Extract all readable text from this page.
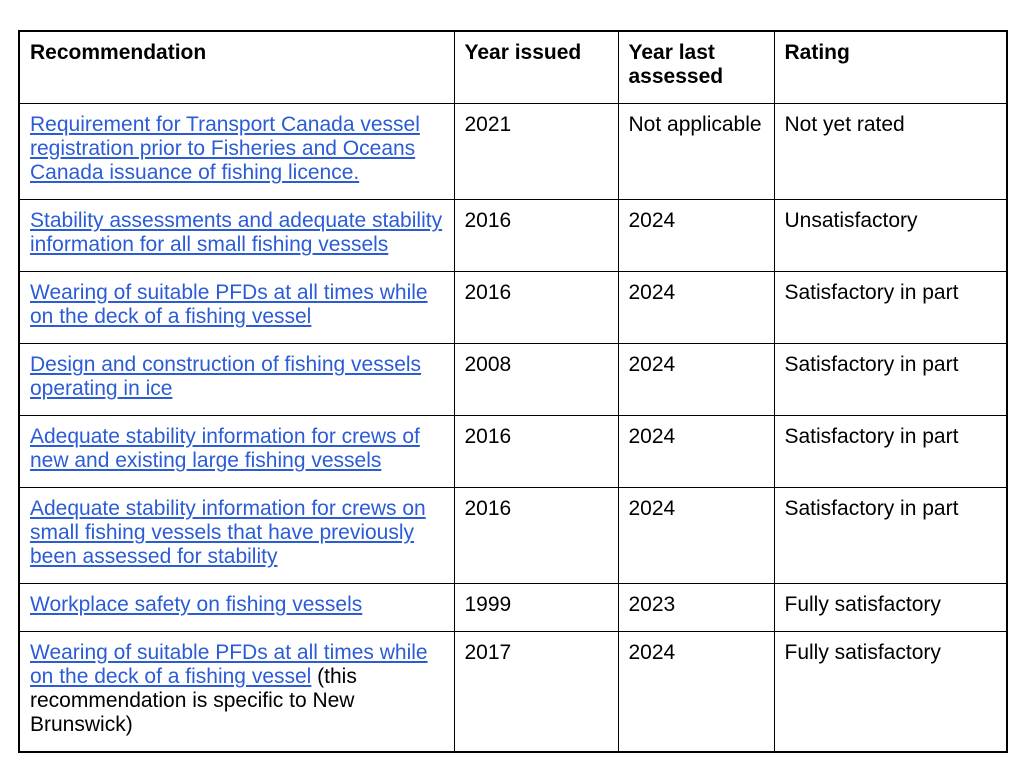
Recommendation	Year issued	Year last assessed	Rating
Requirement for Transport Canada vessel registration prior to Fisheries and Oceans Canada issuance of fishing licence.	2021	Not applicable	Not yet rated
Stability assessments and adequate stability information for all small fishing vessels	2016	2024	Unsatisfactory
Wearing of suitable PFDs at all times while on the deck of a fishing vessel	2016	2024	Satisfactory in part
Design and construction of fishing vessels operating in ice	2008	2024	Satisfactory in part
Adequate stability information for crews of new and existing large fishing vessels	2016	2024	Satisfactory in part
Adequate stability information for crews on small fishing vessels that have previously been assessed for stability	2016	2024	Satisfactory in part
Workplace safety on fishing vessels	1999	2023	Fully satisfactory
Wearing of suitable PFDs at all times while on the deck of a fishing vessel (this recommendation is specific to New Brunswick)	2017	2024	Fully satisfactory
